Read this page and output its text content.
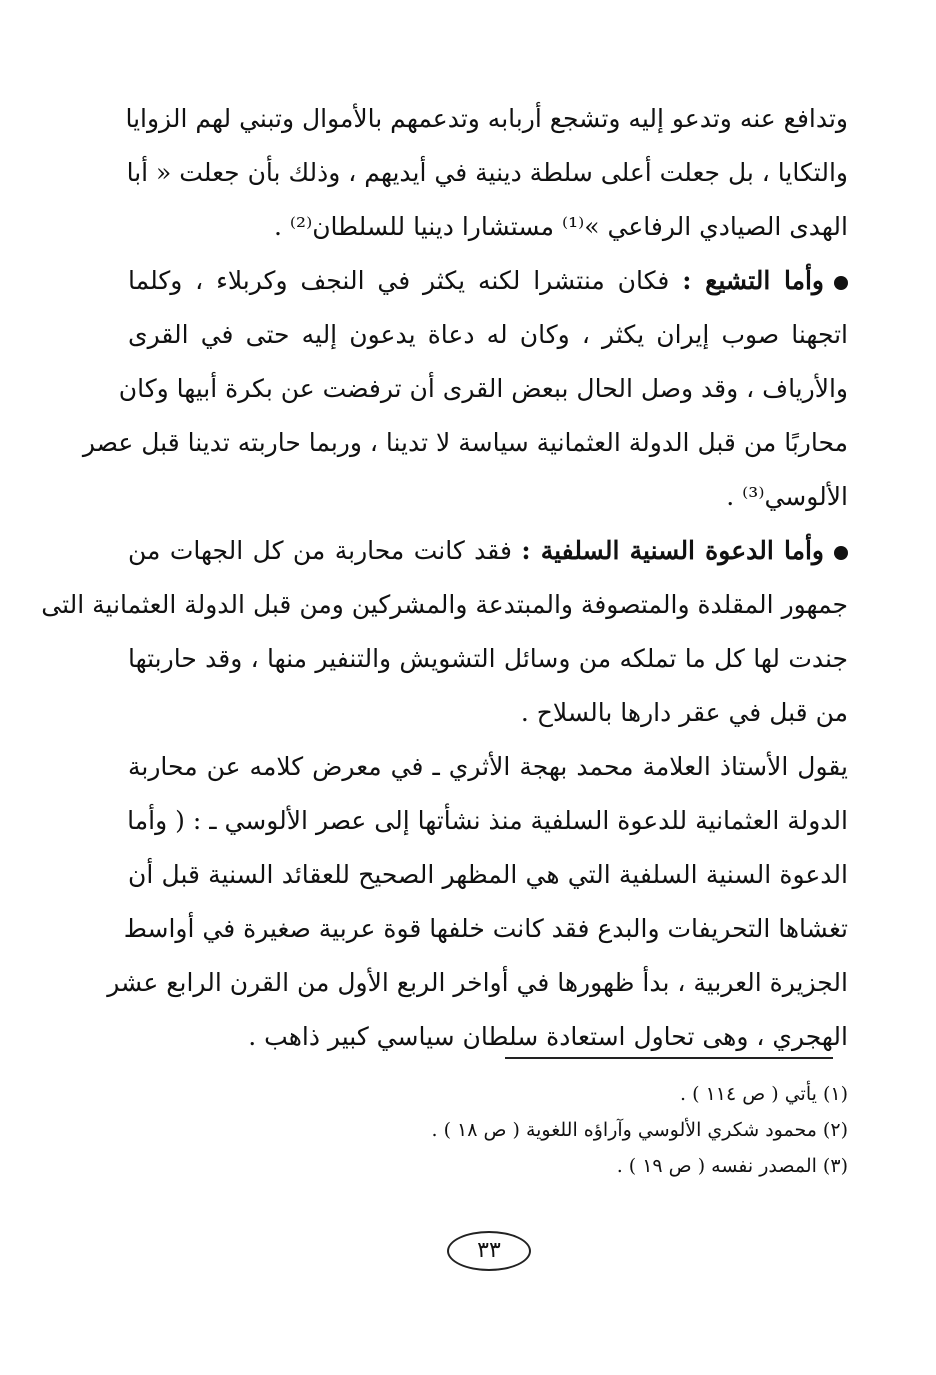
وتدافع عنه وتدعو إليه وتشجع أربابه وتدعمهم بالأموال وتبني لهم الزوايا
والتكايا ، بل جعلت أعلى سلطة دينية في أيديهم ، وذلك بأن جعلت « أبا
الهدى الصيادي الرفاعي »⁽¹⁾ مستشارا دينيا للسلطان⁽²⁾ .
وأما التشيع : فكان منتشرا لكنه يكثر في النجف وكربلاء ، وكلما
اتجهنا صوب إيران يكثر ، وكان له دعاة يدعون إليه حتى في القرى
والأرياف ، وقد وصل الحال ببعض القرى أن ترفضت عن بكرة أبيها وكان
محاربًا من قبل الدولة العثمانية سياسة لا تدينا ، وربما حاربته تدينا قبل عصر
الألوسي⁽³⁾ .
وأما الدعوة السنية السلفية : فقد كانت محاربة من كل الجهات من
جمهور المقلدة والمتصوفة والمبتدعة والمشركين ومن قبل الدولة العثمانية التى
جندت لها كل ما تملكه من وسائل التشويش والتنفير منها ، وقد حاربتها
من قبل في عقر دارها بالسلاح .
يقول الأستاذ العلامة محمد بهجة الأثري ـ في معرض كلامه عن محاربة
الدولة العثمانية للدعوة السلفية منذ نشأتها إلى عصر الألوسي ـ : ( وأما
الدعوة السنية السلفية التي هي المظهر الصحيح للعقائد السنية قبل أن
تغشاها التحريفات والبدع فقد كانت خلفها قوة عربية صغيرة في أواسط
الجزيرة العربية ، بدأ ظهورها في أواخر الربع الأول من القرن الرابع عشر
الهجري ، وهى تحاول استعادة سلطان سياسي كبير ذاهب .
(١) يأتي ( ص ١١٤ ) .
(٢) محمود شكري الألوسي وآراؤه اللغوية ( ص ١٨ ) .
(٣) المصدر نفسه ( ص ١٩ ) .
٣٣
